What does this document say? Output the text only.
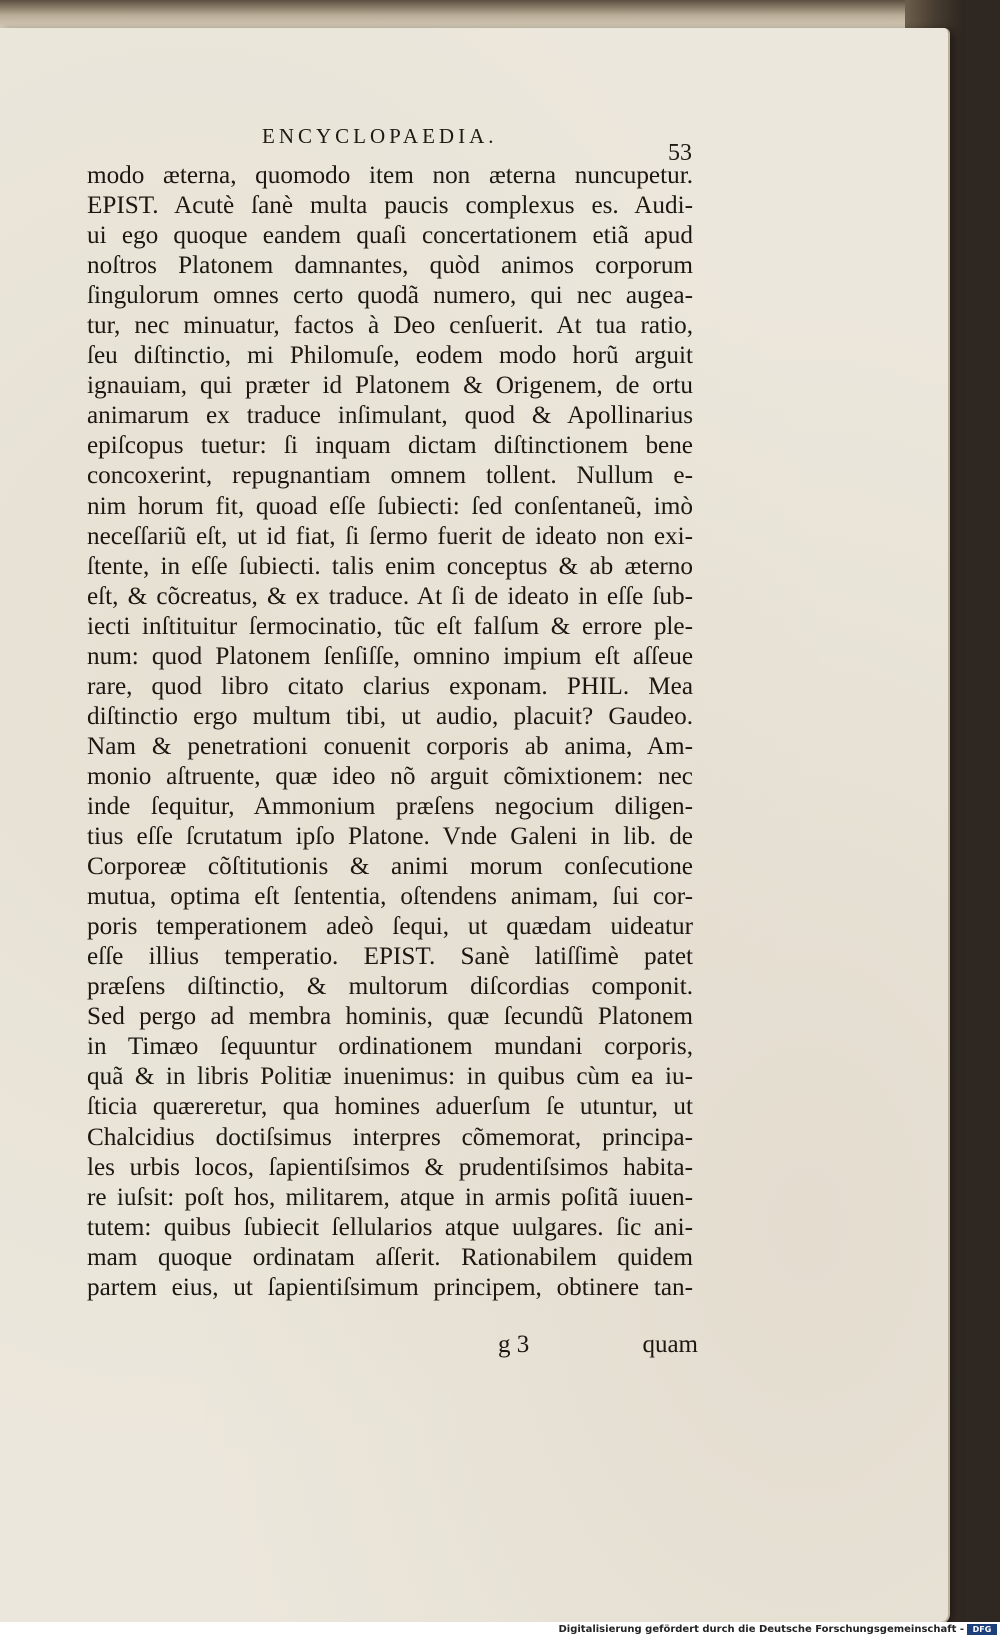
ENCYCLOPAEDIA.
53
modo æterna, quomodo item non æterna nuncupetur.
EPIST. Acutè ſanè multa paucis complexus es. Audi-
ui ego quoque eandem quaſi concertationem etiã apud
noſtros Platonem damnantes, quòd animos corporum
ſingulorum omnes certo quodã numero, qui nec augea-
tur, nec minuatur, factos à Deo cenſuerit. At tua ratio,
ſeu diſtinctio, mi Philomuſe, eodem modo horũ arguit
ignauiam, qui præter id Platonem & Origenem, de ortu
animarum ex traduce inſimulant, quod & Apollinarius
epiſcopus tuetur: ſi inquam dictam diſtinctionem bene
concoxerint, repugnantiam omnem tollent. Nullum e-
nim horum fit, quoad eſſe ſubiecti: ſed conſentaneũ, imò
neceſſariũ eſt, ut id fiat, ſi ſermo fuerit de ideato non exi-
ſtente, in eſſe ſubiecti. talis enim conceptus & ab æterno
eſt, & cõcreatus, & ex traduce. At ſi de ideato in eſſe ſub-
iecti inſtituitur ſermocinatio, tũc eſt falſum & errore ple-
num: quod Platonem ſenſiſſe, omnino impium eſt aſſeue
rare, quod libro citato clarius exponam. PHIL. Mea
diſtinctio ergo multum tibi, ut audio, placuit? Gaudeo.
Nam & penetrationi conuenit corporis ab anima, Am-
monio aſtruente, quæ ideo nõ arguit cõmixtionem: nec
inde ſequitur, Ammonium præſens negocium diligen-
tius eſſe ſcrutatum ipſo Platone. Vnde Galeni in lib. de
Corporeæ cõſtitutionis & animi morum conſecutione
mutua, optima eſt ſententia, oſtendens animam, ſui cor-
poris temperationem adeò ſequi, ut quædam uideatur
eſſe illius temperatio. EPIST. Sanè latiſſimè patet
præſens diſtinctio, & multorum diſcordias componit.
Sed pergo ad membra hominis, quæ ſecundũ Platonem
in Timæo ſequuntur ordinationem mundani corporis,
quã & in libris Politiæ inuenimus: in quibus cùm ea iu-
ſticia quæreretur, qua homines aduerſum ſe utuntur, ut
Chalcidius doctiſsimus interpres cõmemorat, principa-
les urbis locos, ſapientiſsimos & prudentiſsimos habita-
re iuſsit: poſt hos, militarem, atque in armis poſitã iuuen-
tutem: quibus ſubiecit ſellularios atque uulgares. ſic ani-
mam quoque ordinatam aſſerit. Rationabilem quidem
partem eius, ut ſapientiſsimum principem, obtinere tan-
g 3	quam
Digitalisierung gefördert durch die Deutsche Forschungsgemeinschaft -	DFG
